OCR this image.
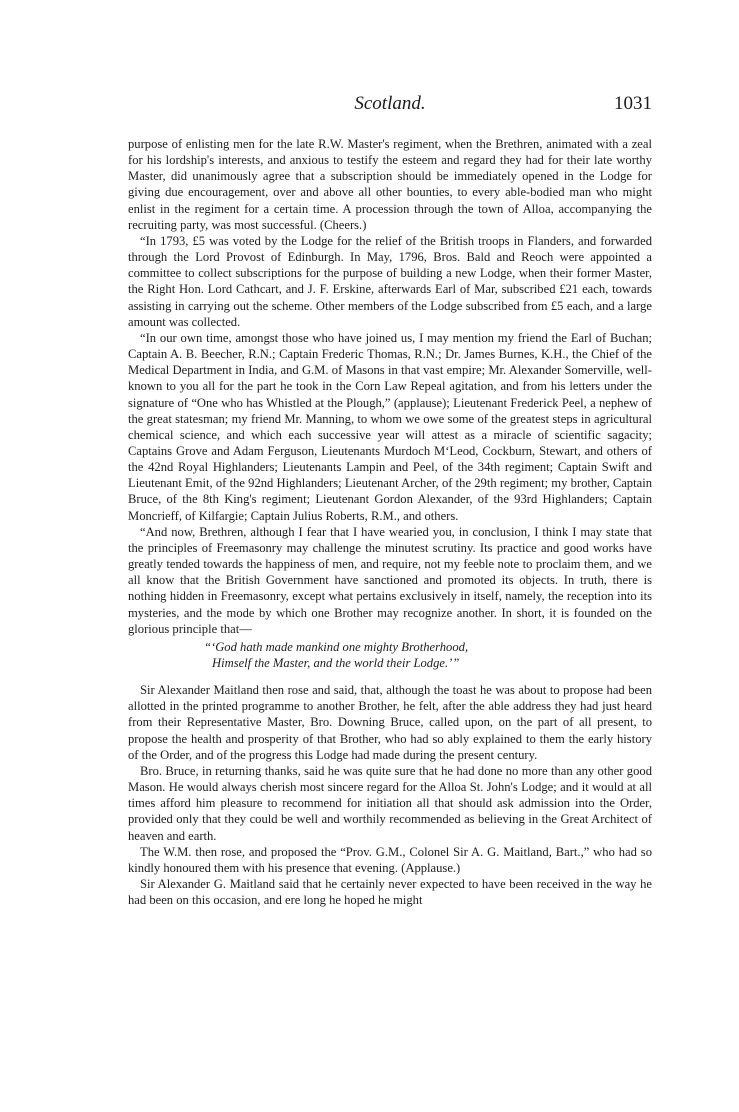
Scotland.	1031

purpose of enlisting men for the late R.W. Master's regiment, when the Brethren, animated with a zeal for his lordship's interests, and anxious to testify the esteem and regard they had for their late worthy Master, did unanimously agree that a subscription should be immediately opened in the Lodge for giving due encouragement, over and above all other bounties, to every able-bodied man who might enlist in the regiment for a certain time. A procession through the town of Alloa, accompanying the recruiting party, was most successful. (Cheers.)

“In 1793, £5 was voted by the Lodge for the relief of the British troops in Flanders, and forwarded through the Lord Provost of Edinburgh. In May, 1796, Bros. Bald and Reoch were appointed a committee to collect subscriptions for the purpose of building a new Lodge, when their former Master, the Right Hon. Lord Cathcart, and J. F. Erskine, afterwards Earl of Mar, subscribed £21 each, towards assisting in carrying out the scheme. Other members of the Lodge subscribed from £5 each, and a large amount was collected.

“In our own time, amongst those who have joined us, I may mention my friend the Earl of Buchan; Captain A. B. Beecher, R.N.; Captain Frederic Thomas, R.N.; Dr. James Burnes, K.H., the Chief of the Medical Department in India, and G.M. of Masons in that vast empire; Mr. Alexander Somerville, well-known to you all for the part he took in the Corn Law Repeal agitation, and from his letters under the signature of “One who has Whistled at the Plough,” (applause); Lieutenant Frederick Peel, a nephew of the great statesman; my friend Mr. Manning, to whom we owe some of the greatest steps in agricultural chemical science, and which each successive year will attest as a miracle of scientific sagacity; Captains Grove and Adam Ferguson, Lieutenants Murdoch M‘Leod, Cockburn, Stewart, and others of the 42nd Royal Highlanders; Lieutenants Lampin and Peel, of the 34th regiment; Captain Swift and Lieutenant Emit, of the 92nd Highlanders; Lieutenant Archer, of the 29th regiment; my brother, Captain Bruce, of the 8th King's regiment; Lieutenant Gordon Alexander, of the 93rd Highlanders; Captain Moncrieff, of Kilfargie; Captain Julius Roberts, R.M., and others.

“And now, Brethren, although I fear that I have wearied you, in conclusion, I think I may state that the principles of Freemasonry may challenge the minutest scrutiny. Its practice and good works have greatly tended towards the happiness of men, and require, not my feeble note to proclaim them, and we all know that the British Government have sanctioned and promoted its objects. In truth, there is nothing hidden in Freemasonry, except what pertains exclusively in itself, namely, the reception into its mysteries, and the mode by which one Brother may recognize another. In short, it is founded on the glorious principle that—

“‘God hath made mankind one mighty Brotherhood,
Himself the Master, and the world their Lodge.’”

Sir Alexander Maitland then rose and said, that, although the toast he was about to propose had been allotted in the printed programme to another Brother, he felt, after the able address they had just heard from their Representative Master, Bro. Downing Bruce, called upon, on the part of all present, to propose the health and prosperity of that Brother, who had so ably explained to them the early history of the Order, and of the progress this Lodge had made during the present century.

Bro. Bruce, in returning thanks, said he was quite sure that he had done no more than any other good Mason. He would always cherish most sincere regard for the Alloa St. John's Lodge; and it would at all times afford him pleasure to recommend for initiation all that should ask admission into the Order, provided only that they could be well and worthily recommended as believing in the Great Architect of heaven and earth.

The W.M. then rose, and proposed the “Prov. G.M., Colonel Sir A. G. Maitland, Bart.,” who had so kindly honoured them with his presence that evening. (Applause.)

Sir Alexander G. Maitland said that he certainly never expected to have been received in the way he had been on this occasion, and ere long he hoped he might
